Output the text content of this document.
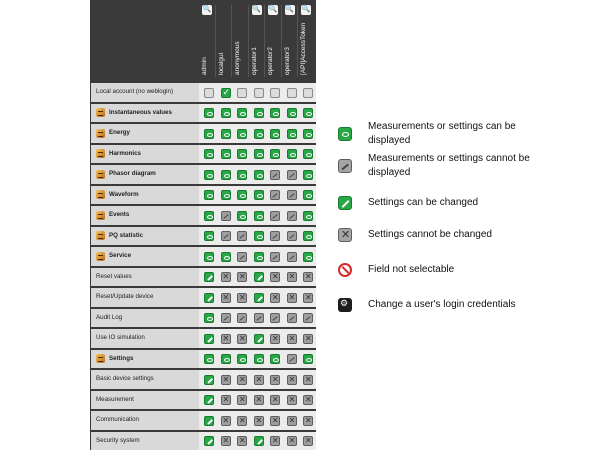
🔍
admin	localgui	anonymous
🔍
operator1
🔍
operator2
🔍
operator3
🔍
[API]AccessToken
Local account (no weblogin)
✓
Instantaneous values
Energy
Harmonics
Phasor diagram
Waveform
Events
PQ statistic
Service
Reset values
✕
✕
✕
✕
✕
Reset/Update device
✕
✕
✕
✕
✕
Audit Log
Use IO simulation
✕
✕
✕
✕
✕
Settings
Basic device settings
✕
✕
✕
✕
✕
✕
Measurement
✕
✕
✕
✕
✕
✕
Communication
✕
✕
✕
✕
✕
✕
Security system
✕
✕
✕
✕
✕
Measurements or settings can be displayed
Measurements or settings cannot be displayed
Settings can be changed
✕
Settings cannot be changed
Field not selectable
⚙
Change a user's login credentials
